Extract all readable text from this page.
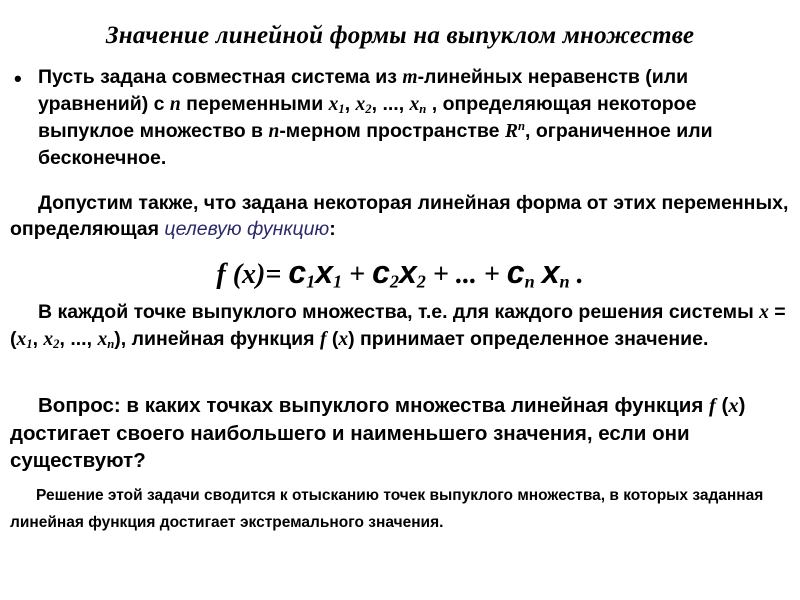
Значение линейной формы на выпуклом множестве
• Пусть задана совместная система из m-линейных неравенств (или уравнений) с n переменными $x_1$, $x_2$, ..., $x_n$ , определяющая некоторое выпуклое множество в n-мерном пространстве $R^n$, ограниченное или бесконечное.
Допустим также, что задана некоторая линейная форма от этих переменных, определяющая целевую функцию:
f $(x)= c_1x_1 + c_2x_2$ + ... + $c_n$ $x_n$ .
В каждой точке выпуклого множества, т.е. для каждого решения системы $x = (x_1$, $x_2$, ..., $x_n$), линейная функция f (x) принимает определенное значение.
Вопрос: в каких точках выпуклого множества линейная функция f (x) достигает своего наибольшего и наименьшего значения, если они существуют?
Решение этой задачи сводится к отысканию точек выпуклого множества, в которых заданная линейная функция достигает экстремального значения.
